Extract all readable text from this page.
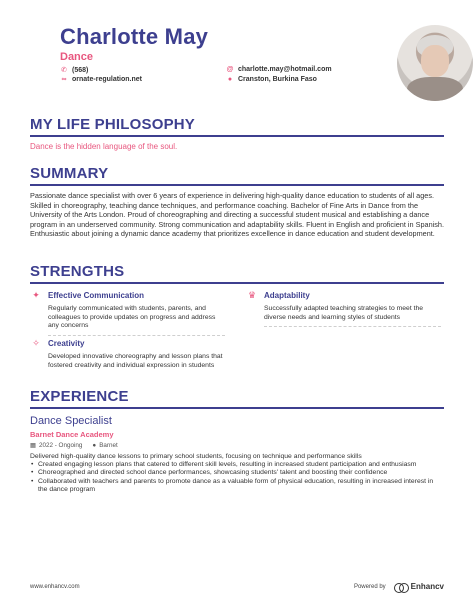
Charlotte May
Dance
✆ (568)
∞ ornate-regulation.net
@ charlotte.may@hotmail.com
● Cranston, Burkina Faso
MY LIFE PHILOSOPHY
Dance is the hidden language of the soul.
SUMMARY
Passionate dance specialist with over 6 years of experience in delivering high-quality dance education to students of all ages. Skilled in choreography, teaching dance techniques, and performance coaching. Bachelor of Fine Arts in Dance from the University of the Arts London. Proud of choreographing and directing a successful student musical and establishing a dance program in an underserved community. Strong communication and adaptability skills. Fluent in English and proficient in Spanish. Enthusiastic about joining a dynamic dance academy that prioritizes excellence in dance education and student development.
STRENGTHS
✦ Effective Communication
Regularly communicated with students, parents, and colleagues to provide updates on progress and address any concerns
♛ Adaptability
Successfully adapted teaching strategies to meet the diverse needs and learning styles of students
✧ Creativity
Developed innovative choreography and lesson plans that fostered creativity and individual expression in students
EXPERIENCE
Dance Specialist
Barnet Dance Academy
▦ 2022 - Ongoing ● Barnet
Delivered high-quality dance lessons to primary school students, focusing on technique and performance skills
• Created engaging lesson plans that catered to different skill levels, resulting in increased student participation and enthusiasm
• Choreographed and directed school dance performances, showcasing students' talent and boosting their confidence
• Collaborated with teachers and parents to promote dance as a valuable form of physical education, resulting in increased interest in the dance program
www.enhancv.com	Powered by	Enhancv
